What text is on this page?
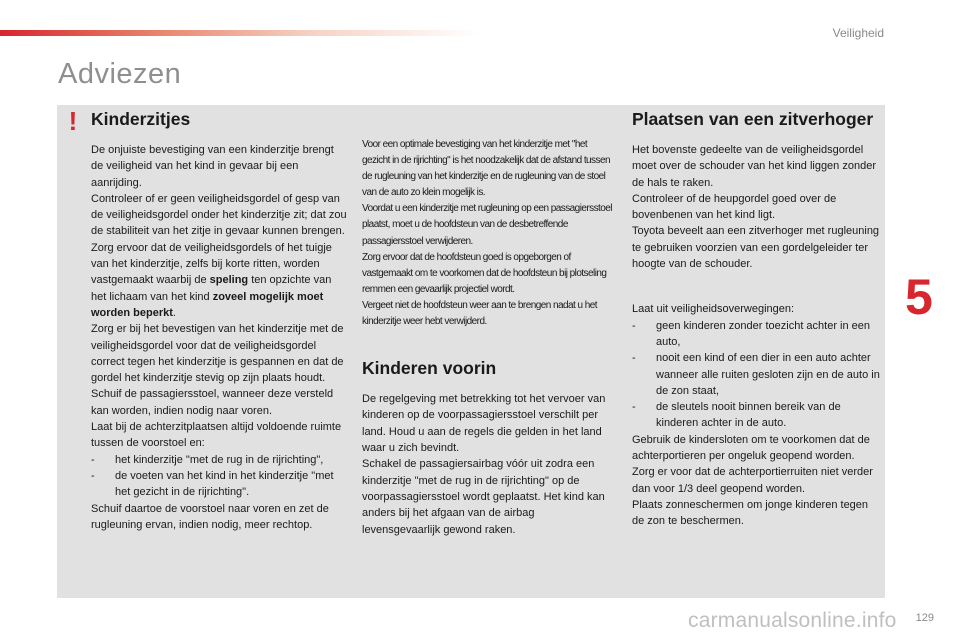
Veiligheid
Adviezen
!
5
Kinderzitjes

De onjuiste bevestiging van een kinderzitje brengt de veiligheid van het kind in gevaar bij een aanrijding.

Controleer of er geen veiligheidsgordel of gesp van de veiligheidsgordel onder het kinderzitje zit; dat zou de stabiliteit van het zitje in gevaar kunnen brengen.

Zorg ervoor dat de veiligheidsgordels of het tuigje van het kinderzitje, zelfs bij korte ritten, worden vastgemaakt waarbij de speling ten opzichte van het lichaam van het kind zoveel mogelijk moet worden beperkt.

Zorg er bij het bevestigen van het kinderzitje met de veiligheidsgordel voor dat de veiligheidsgordel correct tegen het kinderzitje is gespannen en dat de gordel het kinderzitje stevig op zijn plaats houdt. Schuif de passagiersstoel, wanneer deze versteld kan worden, indien nodig naar voren.

Laat bij de achterzitplaatsen altijd voldoende ruimte tussen de voorstoel en:

- het kinderzitje "met de rug in de rijrichting",
- de voeten van het kind in het kinderzitje "met het gezicht in de rijrichting".

Schuif daartoe de voorstoel naar voren en zet de rugleuning ervan, indien nodig, meer rechtop.

Voor een optimale bevestiging van het kinderzitje met "het gezicht in de rijrichting" is het noodzakelijk dat de afstand tussen de rugleuning van het kinderzitje en de rugleuning van de stoel van de auto zo klein mogelijk is.

Voordat u een kinderzitje met rugleuning op een passagiersstoel plaatst, moet u de hoofdsteun van de desbetreffende passagiersstoel verwijderen.

Zorg ervoor dat de hoofdsteun goed is opgeborgen of vastgemaakt om te voorkomen dat de hoofdsteun bij plotseling remmen een gevaarlijk projectiel wordt.

Vergeet niet de hoofdsteun weer aan te brengen nadat u het kinderzitje weer hebt verwijderd.

Kinderen voorin

De regelgeving met betrekking tot het vervoer van kinderen op de voorpassagiersstoel verschilt per land. Houd u aan de regels die gelden in het land waar u zich bevindt.

Schakel de passagiersairbag vóór uit zodra een kinderzitje "met de rug in de rijrichting" op de voorpassagiersstoel wordt geplaatst. Het kind kan anders bij het afgaan van de airbag levensgevaarlijk gewond raken.

Plaatsen van een zitverhoger

Het bovenste gedeelte van de veiligheidsgordel moet over de schouder van het kind liggen zonder de hals te raken.

Controleer of de heupgordel goed over de bovenbenen van het kind ligt.

Toyota beveelt aan een zitverhoger met rugleuning te gebruiken voorzien van een gordelgeleider ter hoogte van de schouder.

Laat uit veiligheidsoverwegingen:

- geen kinderen zonder toezicht achter in een auto,
- nooit een kind of een dier in een auto achter wanneer alle ruiten gesloten zijn en de auto in de zon staat,
- de sleutels nooit binnen bereik van de kinderen achter in de auto.

Gebruik de kindersloten om te voorkomen dat de achterportieren per ongeluk geopend worden.

Zorg er voor dat de achterportierruiten niet verder dan voor 1/3 deel geopend worden.

Plaats zonneschermen om jonge kinderen tegen de zon te beschermen.

129
carmanualsonline.info
